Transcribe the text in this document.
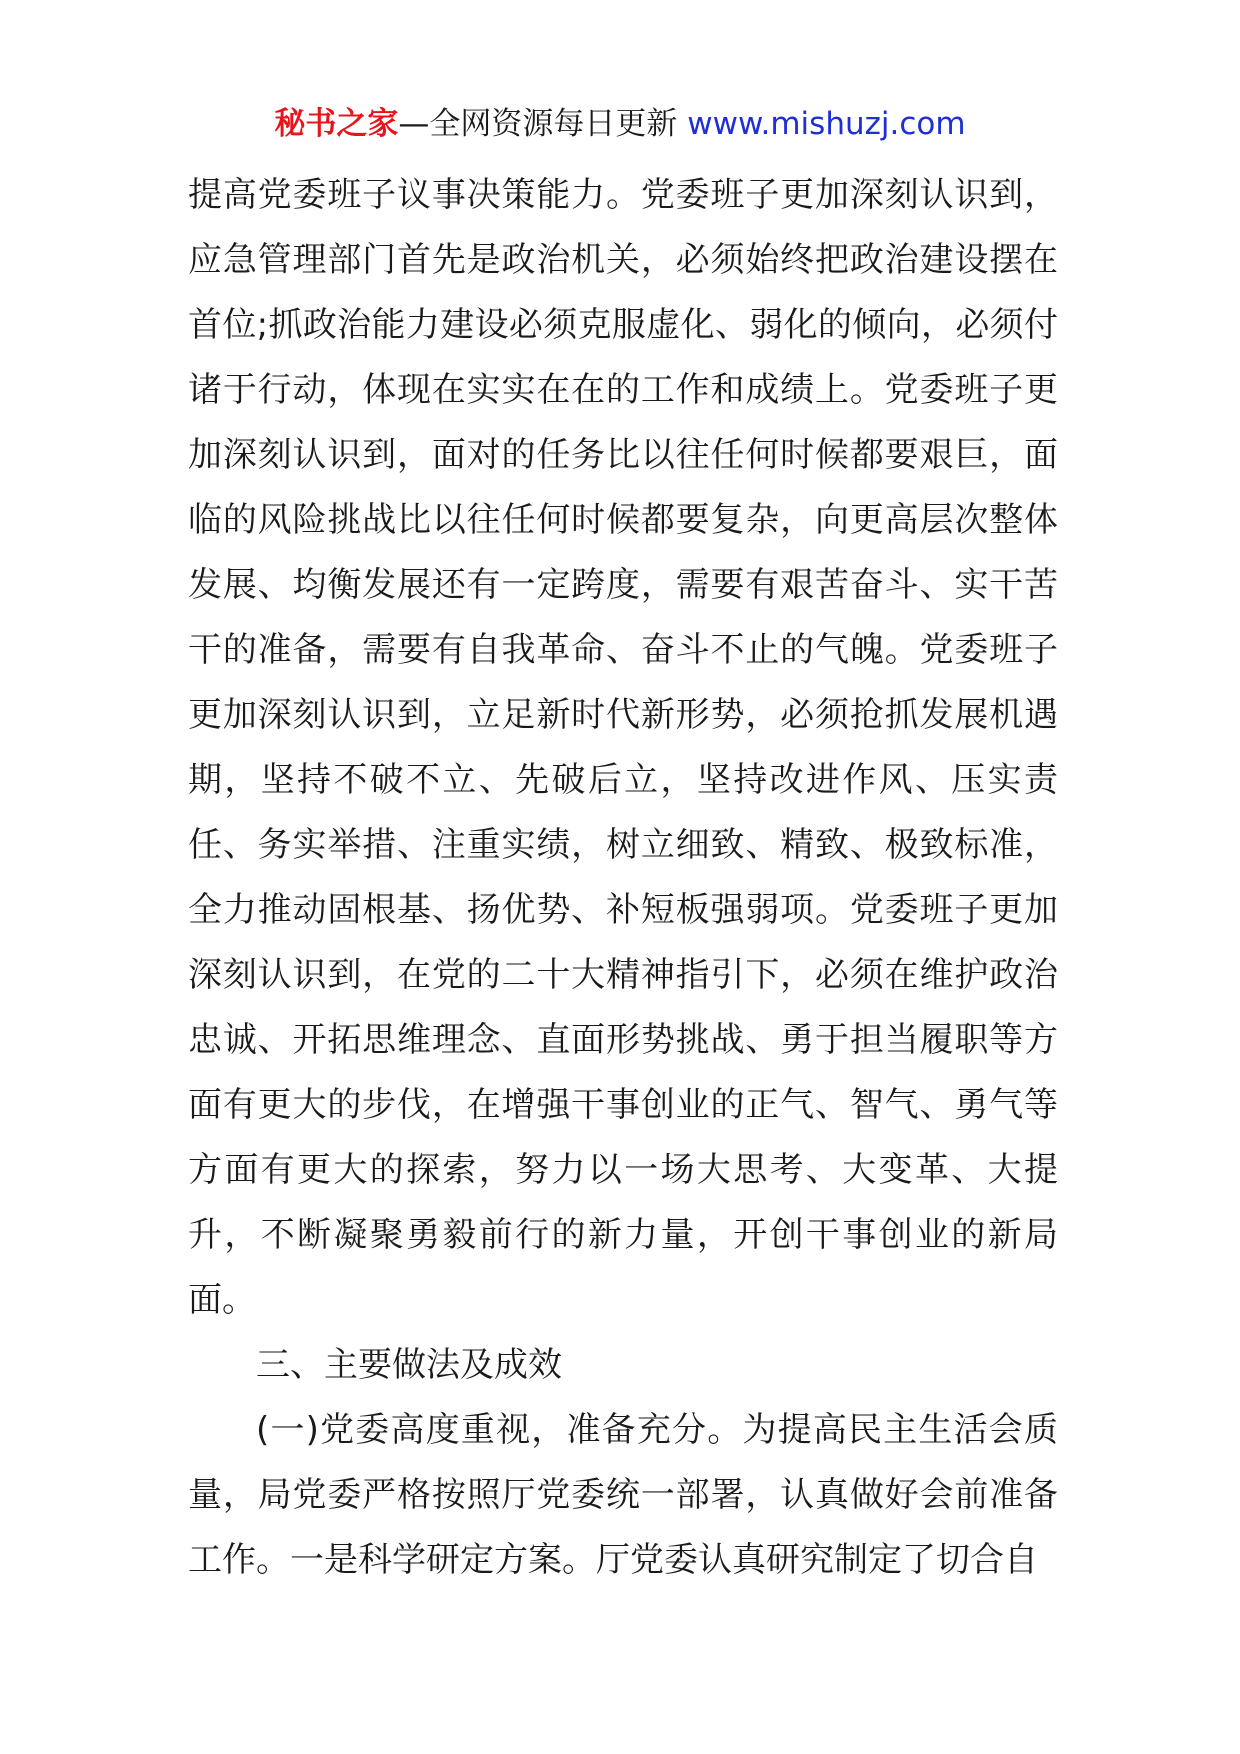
秘书之家—全网资源每日更新 www.mishuzj.com

提高党委班子议事决策能力。党委班子更加深刻认识到，应急管理部门首先是政治机关，必须始终把政治建设摆在首位;抓政治能力建设必须克服虚化、弱化的倾向，必须付诸于行动，体现在实实在在的工作和成绩上。党委班子更加深刻认识到，面对的任务比以往任何时候都要艰巨，面临的风险挑战比以往任何时候都要复杂，向更高层次整体发展、均衡发展还有一定跨度，需要有艰苦奋斗、实干苦干的准备，需要有自我革命、奋斗不止的气魄。党委班子更加深刻认识到，立足新时代新形势，必须抢抓发展机遇期，坚持不破不立、先破后立，坚持改进作风、压实责任、务实举措、注重实绩，树立细致、精致、极致标准，全力推动固根基、扬优势、补短板强弱项。党委班子更加深刻认识到，在党的二十大精神指引下，必须在维护政治忠诚、开拓思维理念、直面形势挑战、勇于担当履职等方面有更大的步伐，在增强干事创业的正气、智气、勇气等方面有更大的探索，努力以一场大思考、大变革、大提升，不断凝聚勇毅前行的新力量，开创干事创业的新局面。

三、主要做法及成效

(一)党委高度重视，准备充分。为提高民主生活会质量，局党委严格按照厅党委统一部署，认真做好会前准备工作。一是科学研定方案。厅党委认真研究制定了切合自
